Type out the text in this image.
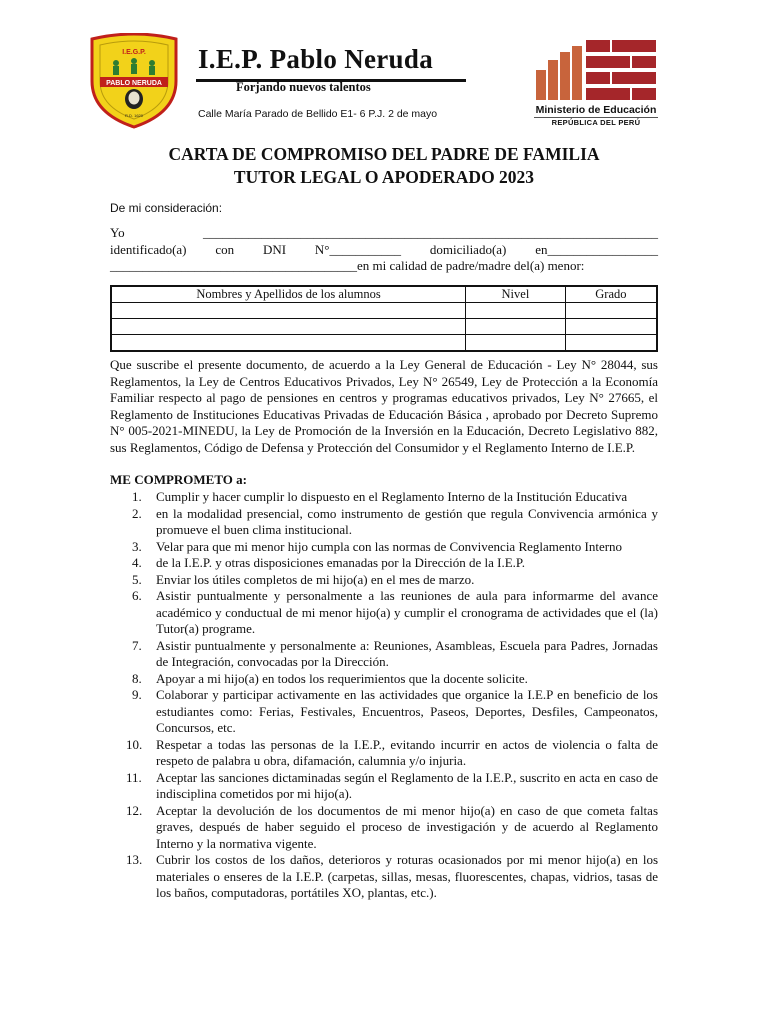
I.E.G.P.
PABLO NERUDA
R.D. 1620
I.E.P. Pablo Neruda
Forjando nuevos talentos
Calle María Parado de Bellido E1- 6 P.J. 2 de mayo	Ministerio de Educación
REPÚBLICA DEL PERÚ
CARTA DE COMPROMISO DEL PADRE DE FAMILIA
TUTOR LEGAL O APODERADO 2023
De mi consideración:
Yo ______________________________________________________________________
identificado(a) con DNI N°___________ domiciliado(a) en_________________
______________________________________en mi calidad de padre/madre del(a) menor:
Nombres y Apellidos de los alumnos	Nivel	Grado

Que suscribe el presente documento, de acuerdo a la Ley General de Educación - Ley N° 28044, sus Reglamentos, la Ley de Centros Educativos Privados, Ley N° 26549, Ley de Protección a la Economía Familiar respecto al pago de pensiones en centros y programas educativos privados, Ley N° 27665, el Reglamento de Instituciones Educativas Privadas de Educación Básica , aprobado por Decreto Supremo N° 005-2021-MINEDU, la Ley de Promoción de la Inversión en la Educación, Decreto Legislativo 882, sus Reglamentos, Código de Defensa y Protección del Consumidor y el Reglamento Interno de I.E.P.
ME COMPROMETO a:
1.	Cumplir y hacer cumplir lo dispuesto en el Reglamento Interno de la Institución Educativa
2.	en la modalidad presencial, como instrumento de gestión que regula Convivencia armónica y promueve el buen clima institucional.
3.	Velar para que mi menor hijo cumpla con las normas de Convivencia Reglamento Interno
4.	de la I.E.P. y otras disposiciones emanadas por la Dirección de la I.E.P.
5.	Enviar los útiles completos de mi hijo(a) en el mes de marzo.
6.	Asistir puntualmente y personalmente a las reuniones de aula para informarme del avance académico y conductual de mi menor hijo(a) y cumplir el cronograma de actividades que el (la) Tutor(a) programe.
7.	Asistir puntualmente y personalmente a: Reuniones, Asambleas, Escuela para Padres, Jornadas de Integración, convocadas por la Dirección.
8.	Apoyar a mi hijo(a) en todos los requerimientos que la docente solicite.
9.	Colaborar y participar activamente en las actividades que organice la I.E.P en beneficio de los estudiantes como: Ferias, Festivales, Encuentros, Paseos, Deportes, Desfiles, Campeonatos, Concursos, etc.
10.	Respetar a todas las personas de la I.E.P., evitando incurrir en actos de violencia o falta de respeto de palabra u obra, difamación, calumnia y/o injuria.
11.	Aceptar las sanciones dictaminadas según el Reglamento de la I.E.P., suscrito en acta en caso de indisciplina cometidos por mi hijo(a).
12.	Aceptar la devolución de los documentos de mi menor hijo(a) en caso de que cometa faltas graves, después de haber seguido el proceso de investigación y de acuerdo al Reglamento Interno y la normativa vigente.
13.	Cubrir los costos de los daños, deterioros y roturas ocasionados por mi menor hijo(a) en los materiales o enseres de la I.E.P. (carpetas, sillas, mesas, fluorescentes, chapas, vidrios, tasas de los baños, computadoras, portátiles XO, plantas, etc.).
